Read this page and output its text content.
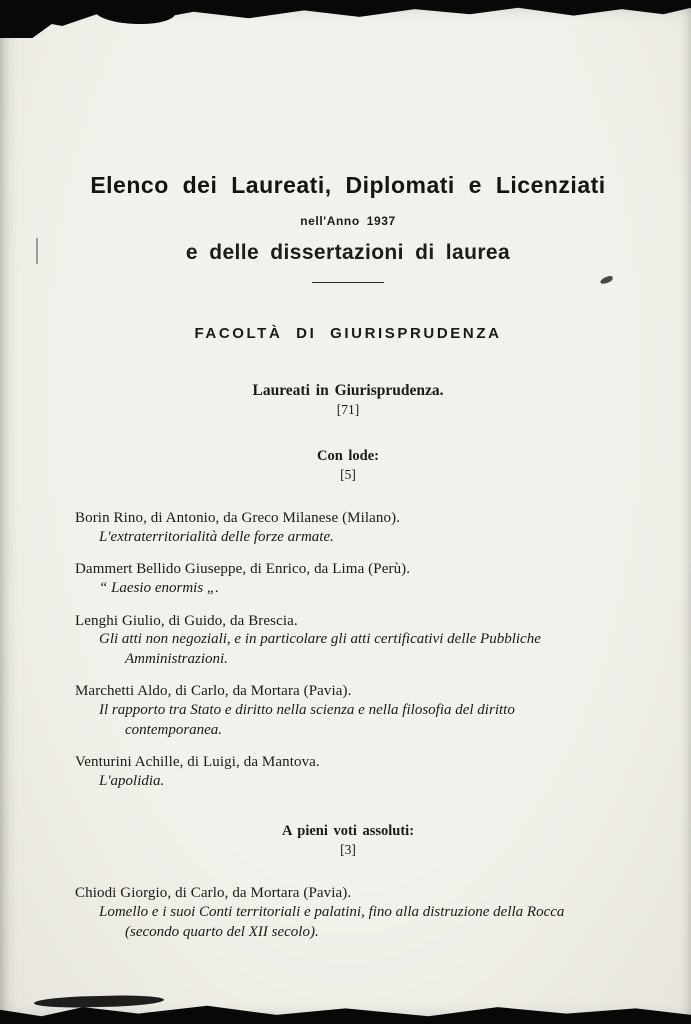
Elenco dei Laureati, Diplomati e Licenziati
nell'Anno 1937
e delle dissertazioni di laurea
FACOLTÀ DI GIURISPRUDENZA
Laureati in Giurisprudenza.
[71]
Con lode:
[5]
Borin Rino, di Antonio, da Greco Milanese (Milano).
L'extraterritorialità delle forze armate.
Dammert Bellido Giuseppe, di Enrico, da Lima (Perù).
“ Laesio enormis „.
Lenghi Giulio, di Guido, da Brescia.
Gli atti non negoziali, e in particolare gli atti certificativi delle Pubbliche Amministrazioni.
Marchetti Aldo, di Carlo, da Mortara (Pavia).
Il rapporto tra Stato e diritto nella scienza e nella filosofia del diritto contemporanea.
Venturini Achille, di Luigi, da Mantova.
L'apolidia.
A pieni voti assoluti:
[3]
Chiodi Giorgio, di Carlo, da Mortara (Pavia).
Lomello e i suoi Conti territoriali e palatini, fino alla distruzione della Rocca (secondo quarto del XII secolo).
